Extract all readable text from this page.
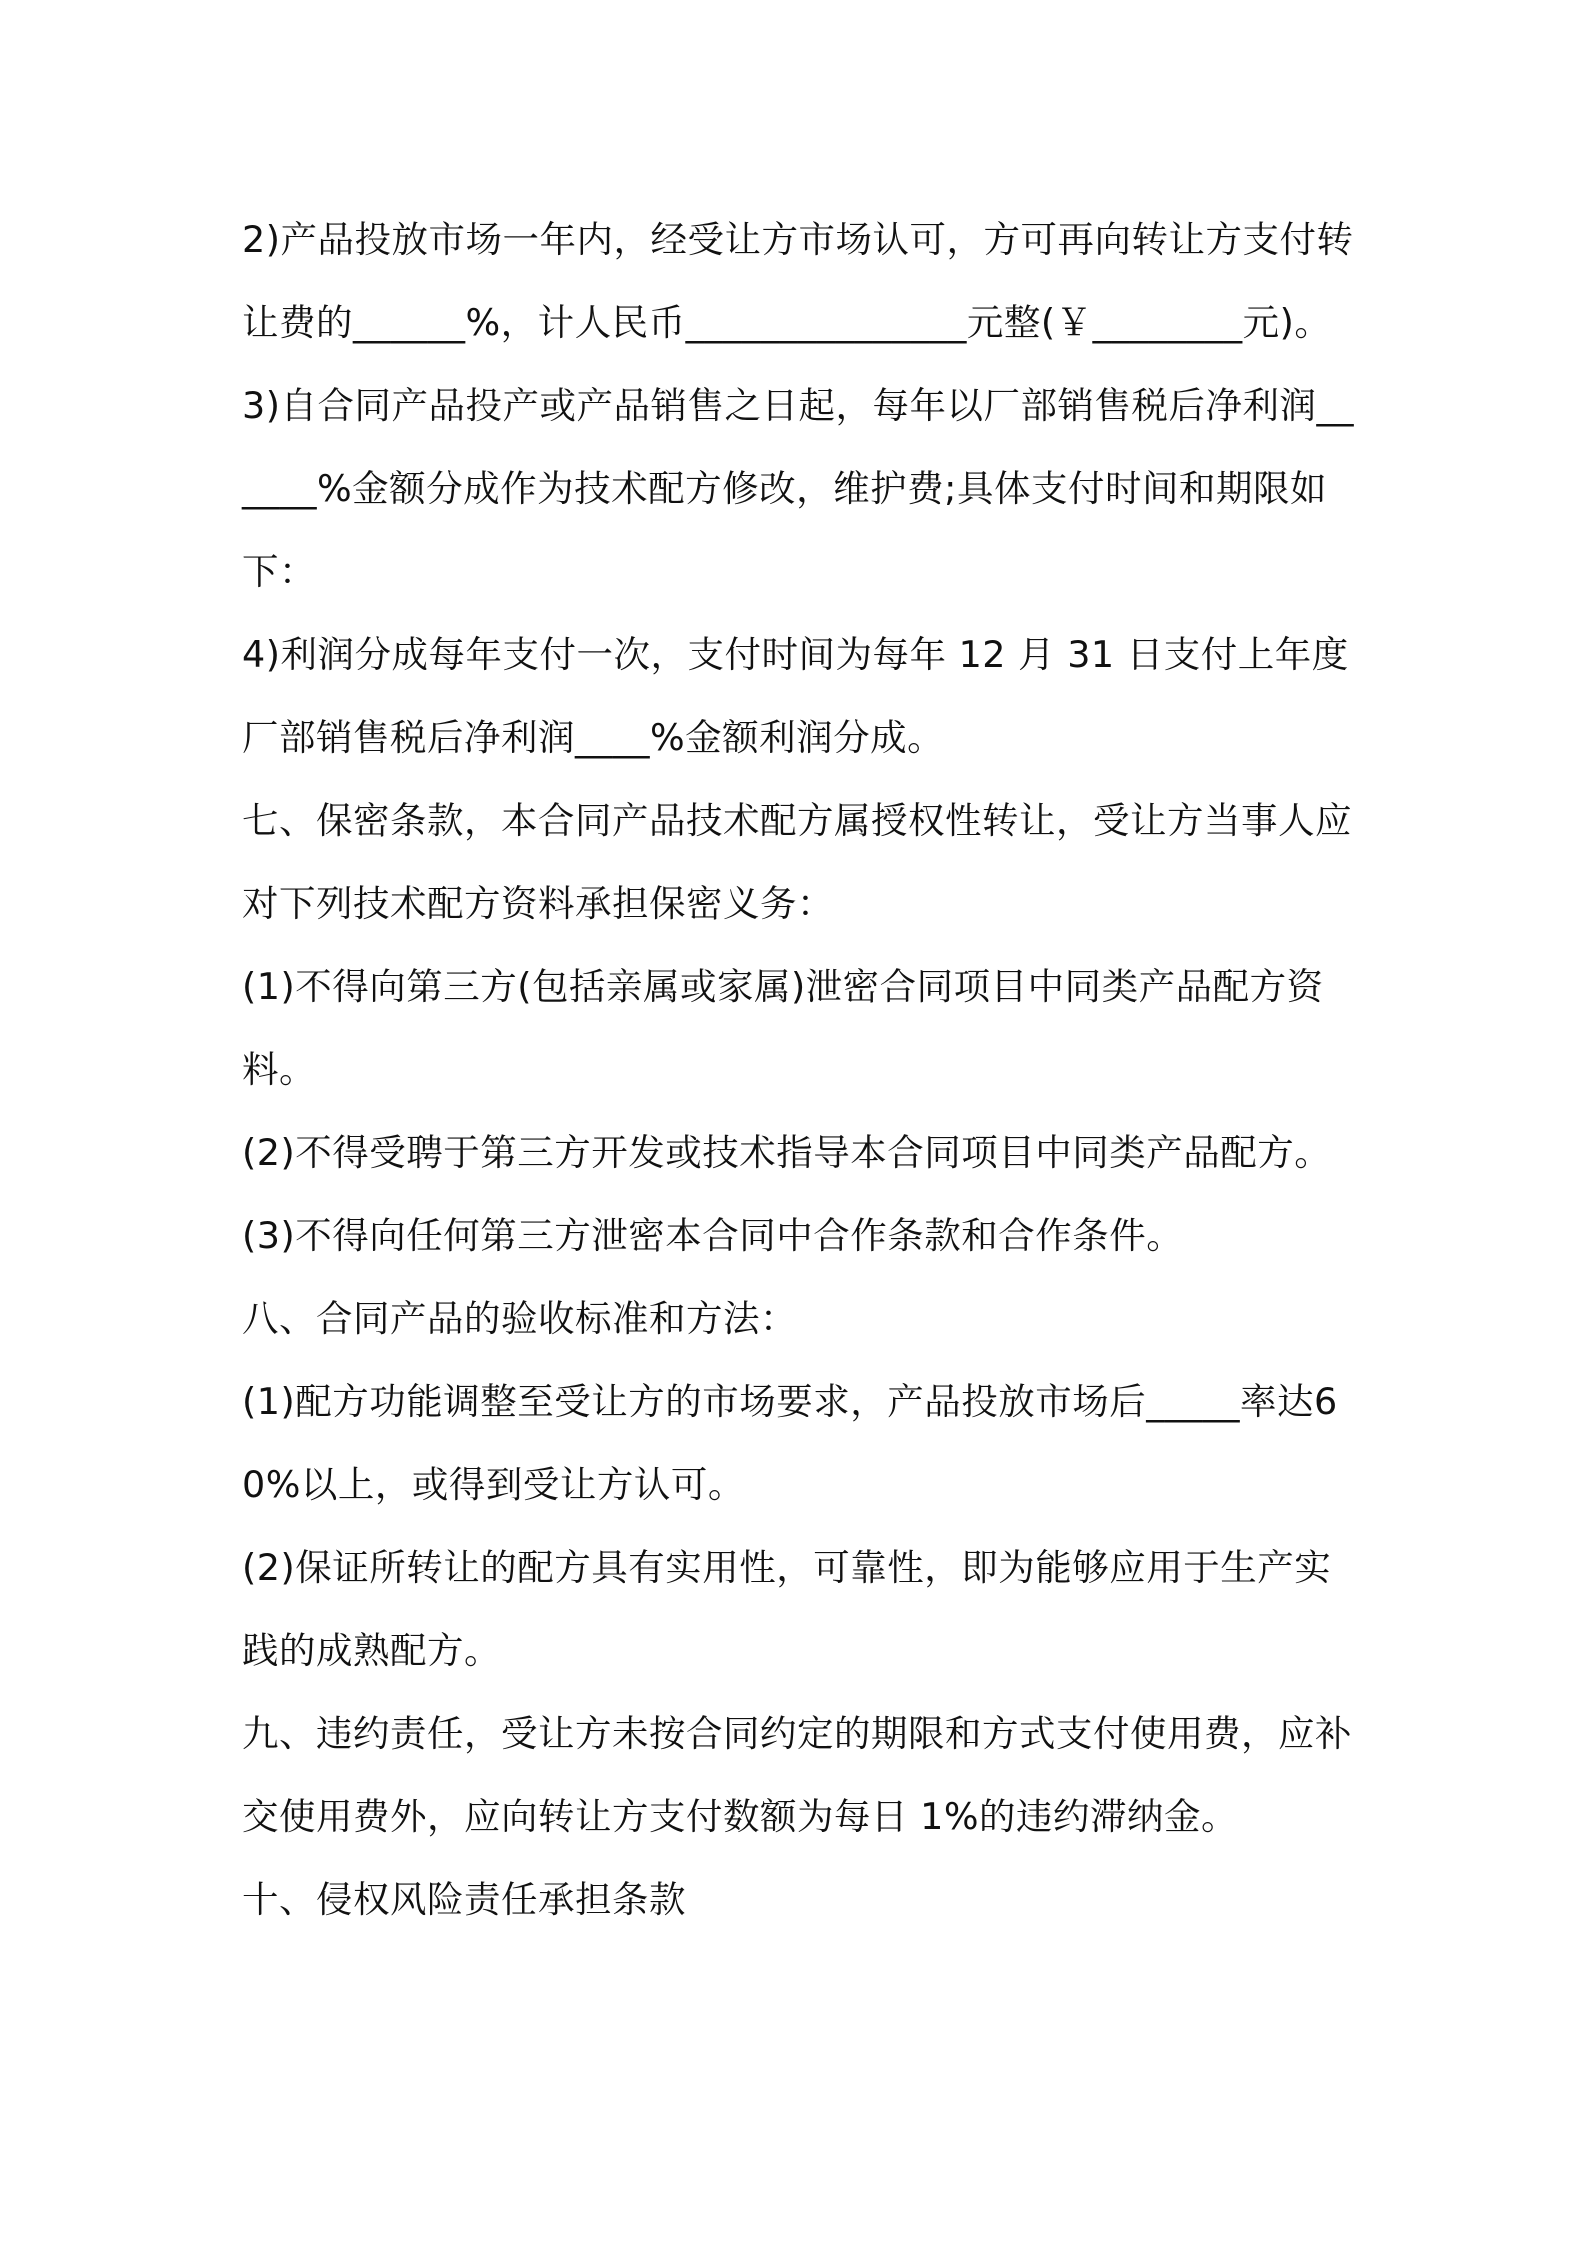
2)产品投放市场一年内，经受让方市场认可，方可再向转让方支付转让费的______%，计人民币_______________元整(￥________元)。

3)自合同产品投产或产品销售之日起，每年以厂部销售税后净利润______%金额分成作为技术配方修改，维护费;具体支付时间和期限如下：

4)利润分成每年支付一次，支付时间为每年 12 月 31 日支付上年度厂部销售税后净利润____%金额利润分成。

七、保密条款，本合同产品技术配方属授权性转让，受让方当事人应对下列技术配方资料承担保密义务：

(1)不得向第三方(包括亲属或家属)泄密合同项目中同类产品配方资料。

(2)不得受聘于第三方开发或技术指导本合同项目中同类产品配方。

(3)不得向任何第三方泄密本合同中合作条款和合作条件。

八、合同产品的验收标准和方法：

(1)配方功能调整至受让方的市场要求，产品投放市场后_____率达60%以上，或得到受让方认可。

(2)保证所转让的配方具有实用性，可靠性，即为能够应用于生产实践的成熟配方。

九、违约责任，受让方未按合同约定的期限和方式支付使用费，应补交使用费外，应向转让方支付数额为每日 1%的违约滞纳金。

十、侵权风险责任承担条款
